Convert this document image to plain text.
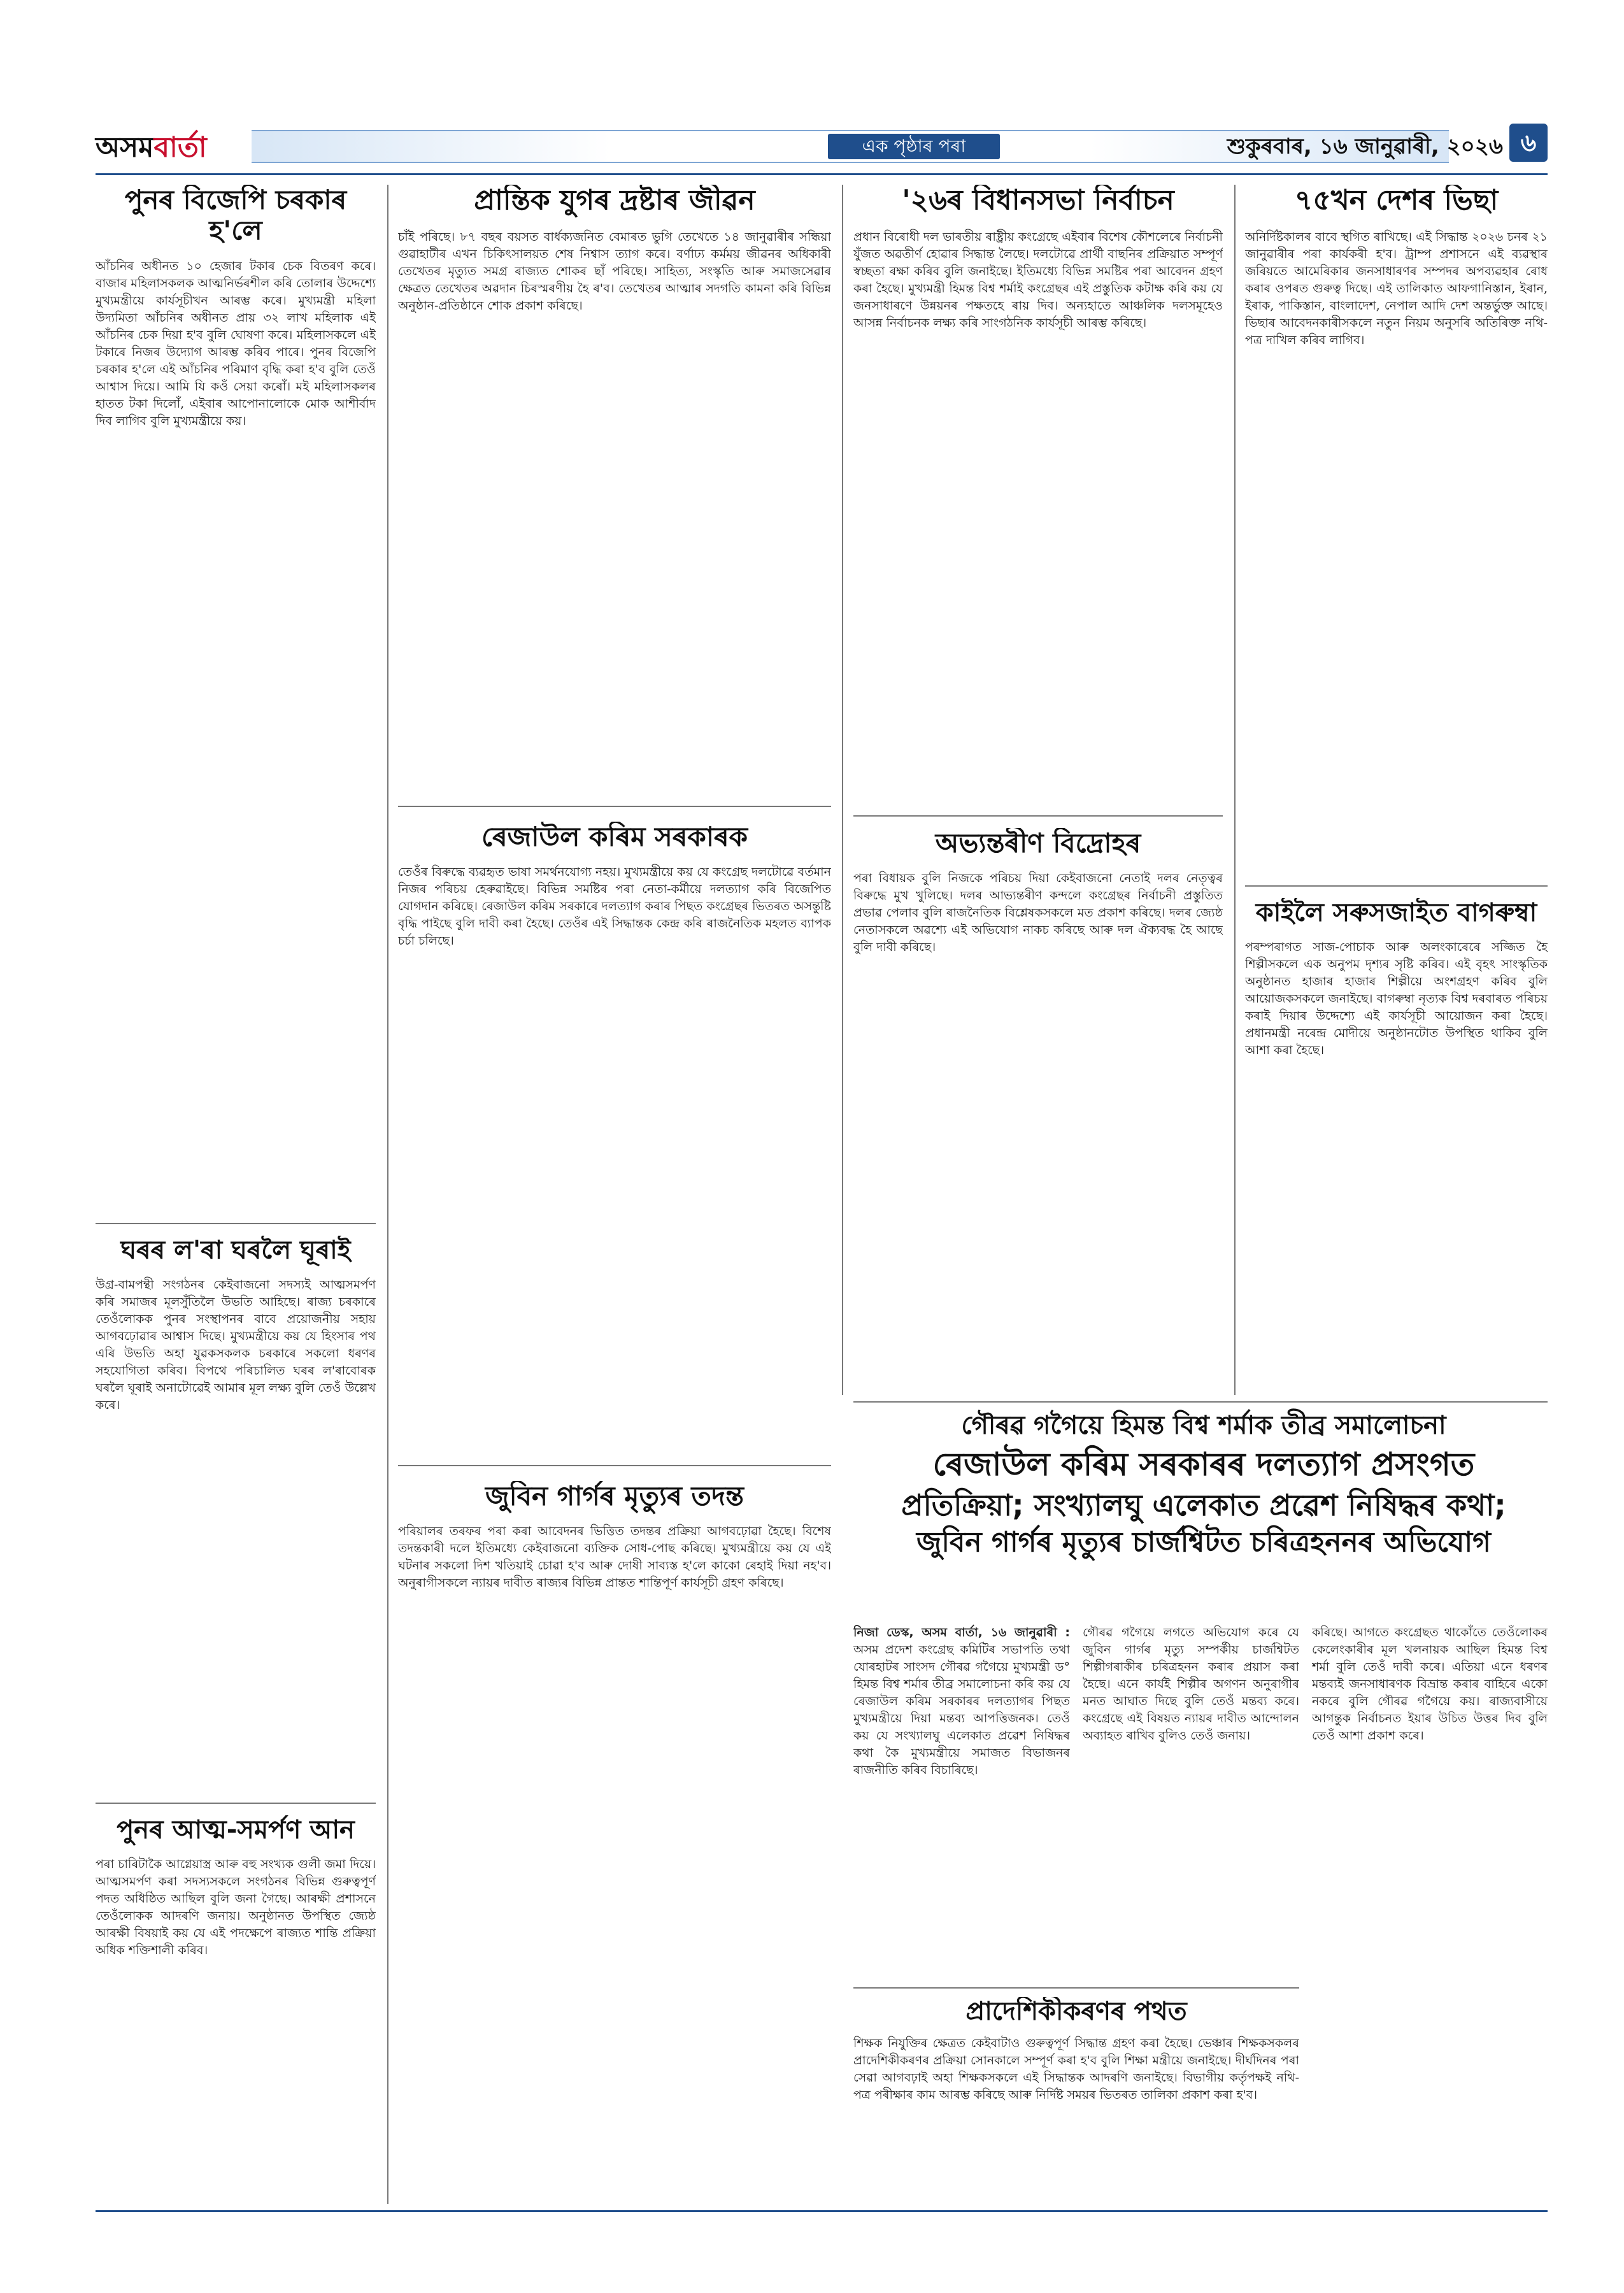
অসমবাৰ্তা	এক পৃষ্ঠাৰ পৰা	শুকুৰবাৰ, ১৬ জানুৱাৰী, ২০২৬ ৬
পুনৰ বিজেপি চৰকাৰ হ'লে

আঁচনিৰ অধীনত ১০ হেজাৰ টকাৰ চেক বিতৰণ কৰে। বাজাৰ মহিলাসকলক আত্মনিৰ্ভৰশীল কৰি তোলাৰ উদ্দেশ্যে মুখ্যমন্ত্ৰীয়ে কাৰ্যসূচীখন আৰম্ভ কৰে। মুখ্যমন্ত্ৰী মহিলা উদ্যমিতা আঁচনিৰ অধীনত প্ৰায় ৩২ লাখ মহিলাক এই আঁচনিৰ চেক দিয়া হ'ব বুলি ঘোষণা কৰে। মহিলাসকলে এই টকাৰে নিজৰ উদ্যোগ আৰম্ভ কৰিব পাৰে। পুনৰ বিজেপি চৰকাৰ হ'লে এই আঁচনিৰ পৰিমাণ বৃদ্ধি কৰা হ'ব বুলি তেওঁ আশ্বাস দিয়ে। আমি যি কওঁ সেয়া কৰোঁ। মই মহিলাসকলৰ হাতত টকা দিলোঁ, এইবাৰ আপোনালোকে মোক আশীৰ্বাদ দিব লাগিব বুলি মুখ্যমন্ত্ৰীয়ে কয়।

ঘৰৰ ল'ৰা ঘৰলৈ ঘূৰাই

উগ্ৰ-বামপন্থী সংগঠনৰ কেইবাজনো সদস্যই আত্মসমৰ্পণ কৰি সমাজৰ মূলসুঁতিলৈ উভতি আহিছে। ৰাজ্য চৰকাৰে তেওঁলোকক পুনৰ সংস্থাপনৰ বাবে প্ৰয়োজনীয় সহায় আগবঢ়োৱাৰ আশ্বাস দিছে। মুখ্যমন্ত্ৰীয়ে কয় যে হিংসাৰ পথ এৰি উভতি অহা যুৱকসকলক চৰকাৰে সকলো ধৰণৰ সহযোগিতা কৰিব। বিপথে পৰিচালিত ঘৰৰ ল'ৰাবোৰক ঘৰলৈ ঘূৰাই অনাটোৱেই আমাৰ মূল লক্ষ্য বুলি তেওঁ উল্লেখ কৰে।

পুনৰ আত্ম-সমৰ্পণ আন

পৰা চাৰিটাকৈ আগ্নেয়াস্ত্ৰ আৰু বহু সংখ্যক গুলী জমা দিয়ে। আত্মসমৰ্পণ কৰা সদস্যসকলে সংগঠনৰ বিভিন্ন গুৰুত্বপূৰ্ণ পদত অধিষ্ঠিত আছিল বুলি জনা গৈছে। আৰক্ষী প্ৰশাসনে তেওঁলোকক আদৰণি জনায়। অনুষ্ঠানত উপস্থিত জ্যেষ্ঠ আৰক্ষী বিষয়াই কয় যে এই পদক্ষেপে ৰাজ্যত শান্তি প্ৰক্ৰিয়া অধিক শক্তিশালী কৰিব।

প্ৰান্তিক যুগৰ দ্ৰষ্টাৰ জীৱন

চাঁই পৰিছে। ৮৭ বছৰ বয়সত বাৰ্ধক্যজনিত বেমাৰত ভুগি তেখেতে ১৪ জানুৱাৰীৰ সন্ধিয়া গুৱাহাটীৰ এখন চিকিৎসালয়ত শেষ নিশ্বাস ত্যাগ কৰে। বৰ্ণাঢ্য কৰ্মময় জীৱনৰ অধিকাৰী তেখেতৰ মৃত্যুত সমগ্ৰ ৰাজ্যত শোকৰ ছাঁ পৰিছে। সাহিত্য, সংস্কৃতি আৰু সমাজসেৱাৰ ক্ষেত্ৰত তেখেতৰ অৱদান চিৰস্মৰণীয় হৈ ৰ'ব। তেখেতৰ আত্মাৰ সদগতি কামনা কৰি বিভিন্ন অনুষ্ঠান-প্ৰতিষ্ঠানে শোক প্ৰকাশ কৰিছে।

ৰেজাউল কৰিম সৰকাৰক

তেওঁৰ বিৰুদ্ধে ব্যৱহৃত ভাষা সমৰ্থনযোগ্য নহয়। মুখ্যমন্ত্ৰীয়ে কয় যে কংগ্ৰেছ দলটোৱে বৰ্তমান নিজৰ পৰিচয় হেৰুৱাইছে। বিভিন্ন সমষ্টিৰ পৰা নেতা-কৰ্মীয়ে দলত্যাগ কৰি বিজেপিত যোগদান কৰিছে। ৰেজাউল কৰিম সৰকাৰে দলত্যাগ কৰাৰ পিছত কংগ্ৰেছৰ ভিতৰত অসন্তুষ্টি বৃদ্ধি পাইছে বুলি দাবী কৰা হৈছে। তেওঁৰ এই সিদ্ধান্তক কেন্দ্ৰ কৰি ৰাজনৈতিক মহলত ব্যাপক চৰ্চা চলিছে।

জুবিন গাৰ্গৰ মৃত্যুৰ তদন্ত

পৰিয়ালৰ তৰফৰ পৰা কৰা আবেদনৰ ভিত্তিত তদন্তৰ প্ৰক্ৰিয়া আগবঢ়োৱা হৈছে। বিশেষ তদন্তকাৰী দলে ইতিমধ্যে কেইবাজনো ব্যক্তিক সোধ-পোছ কৰিছে। মুখ্যমন্ত্ৰীয়ে কয় যে এই ঘটনাৰ সকলো দিশ খতিয়াই চোৱা হ'ব আৰু দোষী সাব্যস্ত হ'লে কাকো ৰেহাই দিয়া নহ'ব। অনুৰাগীসকলে ন্যায়ৰ দাবীত ৰাজ্যৰ বিভিন্ন প্ৰান্তত শান্তিপূৰ্ণ কাৰ্যসূচী গ্ৰহণ কৰিছে।

'২৬ৰ বিধানসভা নিৰ্বাচন

প্ৰধান বিৰোধী দল ভাৰতীয় ৰাষ্ট্ৰীয় কংগ্ৰেছে এইবাৰ বিশেষ কৌশলেৰে নিৰ্বাচনী যুঁজত অৱতীৰ্ণ হোৱাৰ সিদ্ধান্ত লৈছে। দলটোৱে প্ৰাৰ্থী বাছনিৰ প্ৰক্ৰিয়াত সম্পূৰ্ণ স্বচ্ছতা ৰক্ষা কৰিব বুলি জনাইছে। ইতিমধ্যে বিভিন্ন সমষ্টিৰ পৰা আবেদন গ্ৰহণ কৰা হৈছে। মুখ্যমন্ত্ৰী হিমন্ত বিশ্ব শৰ্মাই কংগ্ৰেছৰ এই প্ৰস্তুতিক কটাক্ষ কৰি কয় যে জনসাধাৰণে উন্নয়নৰ পক্ষতহে ৰায় দিব। অন্যহাতে আঞ্চলিক দলসমূহেও আসন্ন নিৰ্বাচনক লক্ষ্য কৰি সাংগঠনিক কাৰ্যসূচী আৰম্ভ কৰিছে।

অভ্যন্তৰীণ বিদ্ৰোহৰ

পৰা বিধায়ক বুলি নিজকে পৰিচয় দিয়া কেইবাজনো নেতাই দলৰ নেতৃত্বৰ বিৰুদ্ধে মুখ খুলিছে। দলৰ আভ্যন্তৰীণ কন্দলে কংগ্ৰেছৰ নিৰ্বাচনী প্ৰস্তুতিত প্ৰভাৱ পেলাব বুলি ৰাজনৈতিক বিশ্লেষকসকলে মত প্ৰকাশ কৰিছে। দলৰ জ্যেষ্ঠ নেতাসকলে অৱশ্যে এই অভিযোগ নাকচ কৰিছে আৰু দল ঐক্যবদ্ধ হৈ আছে বুলি দাবী কৰিছে।

৭৫খন দেশৰ ভিছা

অনিৰ্দিষ্টকালৰ বাবে স্থগিত ৰাখিছে। এই সিদ্ধান্ত ২০২৬ চনৰ ২১ জানুৱাৰীৰ পৰা কাৰ্যকৰী হ'ব। ট্ৰাম্প প্ৰশাসনে এই ব্যৱস্থাৰ জৰিয়তে আমেৰিকাৰ জনসাধাৰণৰ সম্পদৰ অপব্যৱহাৰ ৰোধ কৰাৰ ওপৰত গুৰুত্ব দিছে। এই তালিকাত আফগানিস্তান, ইৰান, ইৰাক, পাকিস্তান, বাংলাদেশ, নেপাল আদি দেশ অন্তৰ্ভুক্ত আছে। ভিছাৰ আবেদনকাৰীসকলে নতুন নিয়ম অনুসৰি অতিৰিক্ত নথি-পত্ৰ দাখিল কৰিব লাগিব।

কাইলৈ সৰুসজাইত বাগৰুম্বা

পৰম্পৰাগত সাজ-পোচাক আৰু অলংকাৰেৰে সজ্জিত হৈ শিল্পীসকলে এক অনুপম দৃশ্যৰ সৃষ্টি কৰিব। এই বৃহৎ সাংস্কৃতিক অনুষ্ঠানত হাজাৰ হাজাৰ শিল্পীয়ে অংশগ্ৰহণ কৰিব বুলি আয়োজকসকলে জনাইছে। বাগৰুম্বা নৃত্যক বিশ্ব দৰবাৰত পৰিচয় কৰাই দিয়াৰ উদ্দেশ্যে এই কাৰ্যসূচী আয়োজন কৰা হৈছে। প্ৰধানমন্ত্ৰী নৰেন্দ্ৰ মোদীয়ে অনুষ্ঠানটোত উপস্থিত থাকিব বুলি আশা কৰা হৈছে।

গৌৰৱ গগৈয়ে হিমন্ত বিশ্ব শৰ্মাক তীব্ৰ সমালোচনা
ৰেজাউল কৰিম সৰকাৰৰ দলত্যাগ প্ৰসংগত
প্ৰতিক্ৰিয়া; সংখ্যালঘু এলেকাত প্ৰৱেশ নিষিদ্ধৰ কথা;
জুবিন গাৰ্গৰ মৃত্যুৰ চাৰ্জশ্বিটত চৰিত্ৰহননৰ অভিযোগ

নিজা ডেস্ক, অসম বাৰ্তা, ১৬ জানুৱাৰী : অসম প্ৰদেশ কংগ্ৰেছ কমিটিৰ সভাপতি তথা যোৰহাটৰ সাংসদ গৌৰৱ গগৈয়ে মুখ্যমন্ত্ৰী ড° হিমন্ত বিশ্ব শৰ্মাৰ তীব্ৰ সমালোচনা কৰি কয় যে ৰেজাউল কৰিম সৰকাৰৰ দলত্যাগৰ পিছত মুখ্যমন্ত্ৰীয়ে দিয়া মন্তব্য আপত্তিজনক। তেওঁ কয় যে সংখ্যালঘু এলেকাত প্ৰৱেশ নিষিদ্ধৰ কথা কৈ মুখ্যমন্ত্ৰীয়ে সমাজত বিভাজনৰ ৰাজনীতি কৰিব বিচাৰিছে।

গৌৰৱ গগৈয়ে লগতে অভিযোগ কৰে যে জুবিন গাৰ্গৰ মৃত্যু সম্পৰ্কীয় চাৰ্জশ্বিটত শিল্পীগৰাকীৰ চৰিত্ৰহনন কৰাৰ প্ৰয়াস কৰা হৈছে। এনে কাৰ্যই শিল্পীৰ অগণন অনুৰাগীৰ মনত আঘাত দিছে বুলি তেওঁ মন্তব্য কৰে। কংগ্ৰেছে এই বিষয়ত ন্যায়ৰ দাবীত আন্দোলন অব্যাহত ৰাখিব বুলিও তেওঁ জনায়।

কৰিছে। আগতে কংগ্ৰেছত থাকোঁতে তেওঁলোকৰ কেলেংকাৰীৰ মূল খলনায়ক আছিল হিমন্ত বিশ্ব শৰ্মা বুলি তেওঁ দাবী কৰে। এতিয়া এনে ধৰণৰ মন্তব্যই জনসাধাৰণক বিভ্ৰান্ত কৰাৰ বাহিৰে একো নকৰে বুলি গৌৰৱ গগৈয়ে কয়। ৰাজ্যবাসীয়ে আগন্তুক নিৰ্বাচনত ইয়াৰ উচিত উত্তৰ দিব বুলি তেওঁ আশা প্ৰকাশ কৰে।

প্ৰাদেশিকীকৰণৰ পথত

শিক্ষক নিযুক্তিৰ ক্ষেত্ৰত কেইবাটাও গুৰুত্বপূৰ্ণ সিদ্ধান্ত গ্ৰহণ কৰা হৈছে। ভেঞ্চাৰ শিক্ষকসকলৰ প্ৰাদেশিকীকৰণৰ প্ৰক্ৰিয়া সোনকালে সম্পূৰ্ণ কৰা হ'ব বুলি শিক্ষা মন্ত্ৰীয়ে জনাইছে। দীৰ্ঘদিনৰ পৰা সেৱা আগবঢ়াই অহা শিক্ষকসকলে এই সিদ্ধান্তক আদৰণি জনাইছে। বিভাগীয় কৰ্তৃপক্ষই নথি-পত্ৰ পৰীক্ষাৰ কাম আৰম্ভ কৰিছে আৰু নিৰ্দিষ্ট সময়ৰ ভিতৰত তালিকা প্ৰকাশ কৰা হ'ব।
